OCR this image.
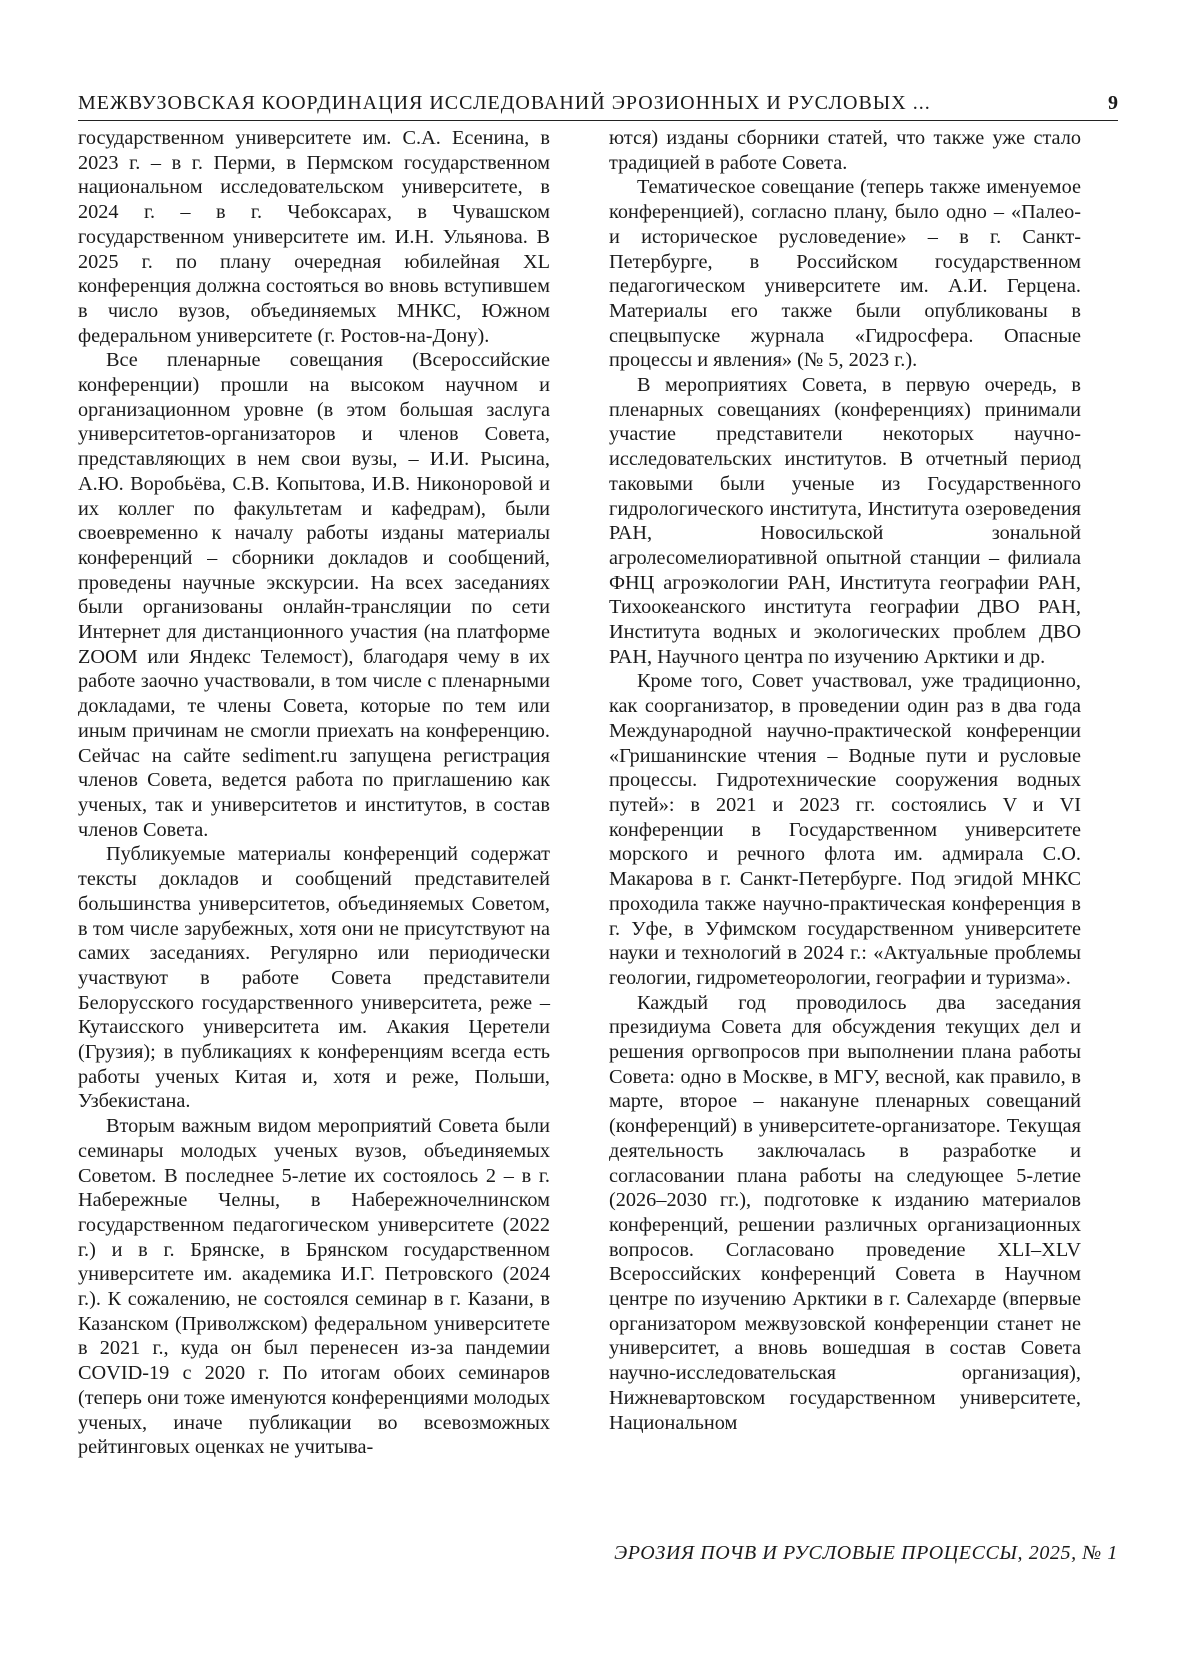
МЕЖВУЗОВСКАЯ КООРДИНАЦИЯ ИССЛЕДОВАНИЙ ЭРОЗИОННЫХ И РУСЛОВЫХ ...	9

государственном университете им. С.А. Есенина, в 2023 г. – в г. Перми, в Пермском государственном национальном исследовательском университете, в 2024 г. – в г. Чебоксарах, в Чувашском государственном университете им. И.Н. Ульянова. В 2025 г. по плану очередная юбилейная XL конференция должна состояться во вновь вступившем в число вузов, объединяемых МНКС, Южном федеральном университете (г. Ростов-на-Дону).

Все пленарные совещания (Всероссийские конференции) прошли на высоком научном и организационном уровне (в этом большая заслуга университетов-организаторов и членов Совета, представляющих в нем свои вузы, – И.И. Рысина, А.Ю. Воробьёва, С.В. Копытова, И.В. Никоноровой и их коллег по факультетам и кафедрам), были своевременно к началу работы изданы материалы конференций – сборники докладов и сообщений, проведены научные экскурсии. На всех заседаниях были организованы онлайн-трансляции по сети Интернет для дистанционного участия (на платформе ZOOM или Яндекс Телемост), благодаря чему в их работе заочно участвовали, в том числе с пленарными докладами, те члены Совета, которые по тем или иным причинам не смогли приехать на конференцию. Сейчас на сайте sediment.ru запущена регистрация членов Совета, ведется работа по приглашению как ученых, так и университетов и институтов, в состав членов Совета.

Публикуемые материалы конференций содержат тексты докладов и сообщений представителей большинства университетов, объединяемых Советом, в том числе зарубежных, хотя они не присутствуют на самих заседаниях. Регулярно или периодически участвуют в работе Совета представители Белорусского государственного университета, реже – Кутаисского университета им. Акакия Церетели (Грузия); в публикациях к конференциям всегда есть работы ученых Китая и, хотя и реже, Польши, Узбекистана.

Вторым важным видом мероприятий Совета были семинары молодых ученых вузов, объединяемых Советом. В последнее 5-летие их состоялось 2 – в г. Набережные Челны, в Набережночелнинском государственном педагогическом университете (2022 г.) и в г. Брянске, в Брянском государственном университете им. академика И.Г. Петровского (2024 г.). К сожалению, не состоялся семинар в г. Казани, в Казанском (Приволжском) федеральном университете в 2021 г., куда он был перенесен из-за пандемии COVID-19 с 2020 г. По итогам обоих семинаров (теперь они тоже именуются конференциями молодых ученых, иначе публикации во всевозможных рейтинговых оценках не учитыва-

ются) изданы сборники статей, что также уже стало традицией в работе Совета.

Тематическое совещание (теперь также именуемое конференцией), согласно плану, было одно – «Палео- и историческое русловедение» – в г. Санкт-Петербурге, в Российском государственном педагогическом университете им. А.И. Герцена. Материалы его также были опубликованы в спецвыпуске журнала «Гидросфера. Опасные процессы и явления» (№ 5, 2023 г.).

В мероприятиях Совета, в первую очередь, в пленарных совещаниях (конференциях) принимали участие представители некоторых научно-исследовательских институтов. В отчетный период таковыми были ученые из Государственного гидрологического института, Института озероведения РАН, Новосильской зональной агролесомелиоративной опытной станции – филиала ФНЦ агроэкологии РАН, Института географии РАН, Тихоокеанского института географии ДВО РАН, Института водных и экологических проблем ДВО РАН, Научного центра по изучению Арктики и др.

Кроме того, Совет участвовал, уже традиционно, как соорганизатор, в проведении один раз в два года Международной научно-практической конференции «Гришанинские чтения – Водные пути и русловые процессы. Гидротехнические сооружения водных путей»: в 2021 и 2023 гг. состоялись V и VI конференции в Государственном университете морского и речного флота им. адмирала С.О. Макарова в г. Санкт-Петербурге. Под эгидой МНКС проходила также научно-практическая конференция в г. Уфе, в Уфимском государственном университете науки и технологий в 2024 г.: «Актуальные проблемы геологии, гидрометеорологии, географии и туризма».

Каждый год проводилось два заседания президиума Совета для обсуждения текущих дел и решения оргвопросов при выполнении плана работы Совета: одно в Москве, в МГУ, весной, как правило, в марте, второе – накануне пленарных совещаний (конференций) в университете-организаторе. Текущая деятельность заключалась в разработке и согласовании плана работы на следующее 5-летие (2026–2030 гг.), подготовке к изданию материалов конференций, решении различных организационных вопросов. Согласовано проведение XLI–XLV Всероссийских конференций Совета в Научном центре по изучению Арктики в г. Салехарде (впервые организатором межвузовской конференции станет не университет, а вновь вошедшая в состав Совета научно-исследовательская организация), Нижневартовском государственном университете, Национальном

ЭРОЗИЯ ПОЧВ И РУСЛОВЫЕ ПРОЦЕССЫ, 2025, № 1
